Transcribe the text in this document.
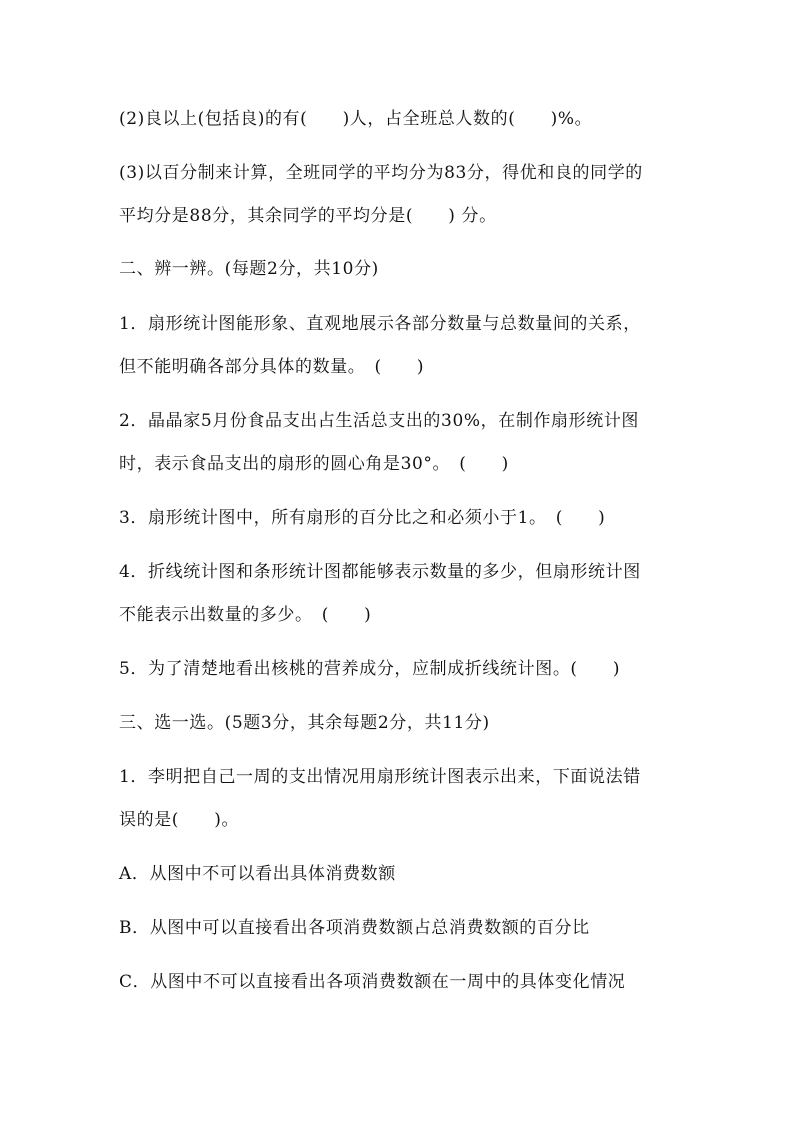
(2)良以上(包括良)的有(　　)人，占全班总人数的(　　)%。
(3)以百分制来计算，全班同学的平均分为83分，得优和良的同学的
平均分是88分，其余同学的平均分是(　　) 分。
二、辨一辨。(每题2分，共10分)
1．扇形统计图能形象、直观地展示各部分数量与总数量间的关系，
但不能明确各部分具体的数量。　(　　)
2．晶晶家5月份食品支出占生活总支出的30%，在制作扇形统计图
时，表示食品支出的扇形的圆心角是30°。　(　　)
3．扇形统计图中，所有扇形的百分比之和必须小于1。　(　　)
4．折线统计图和条形统计图都能够表示数量的多少，但扇形统计图
不能表示出数量的多少。　(　　)
5．为了清楚地看出核桃的营养成分，应制成折线统计图。(　　)
三、选一选。(5题3分，其余每题2分，共11分)
1．李明把自己一周的支出情况用扇形统计图表示出来，下面说法错
误的是(　　)。
A．从图中不可以看出具体消费数额
B．从图中可以直接看出各项消费数额占总消费数额的百分比
C．从图中不可以直接看出各项消费数额在一周中的具体变化情况
